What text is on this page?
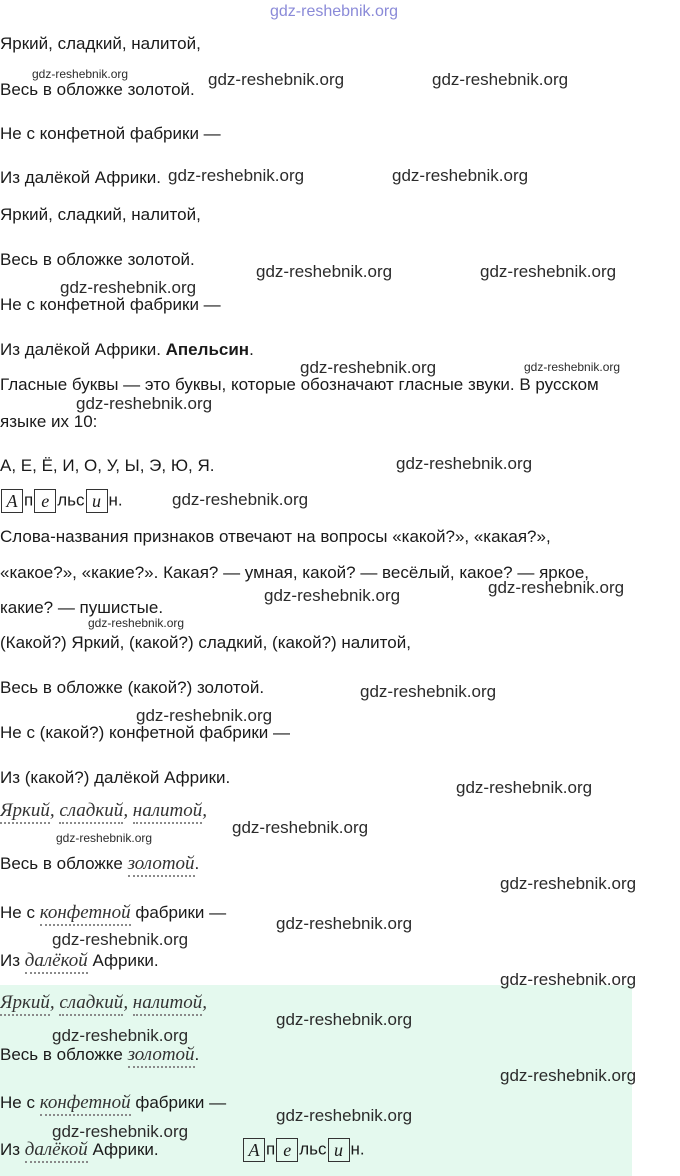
gdz-reshebnik.org
Яркий, сладкий, налитой,
Весь в обложке золотой.
Не с конфетной фабрики —
Из далёкой Африки.
Яркий, сладкий, налитой,
Весь в обложке золотой.
Не с конфетной фабрики —
Из далёкой Африки. Апельсин.
Гласные буквы — это буквы, которые обозначают гласные звуки. В русском
языке их 10:
А, Е, Ё, И, О, У, Ы, Э, Ю, Я.
А п е льс и н.
Слова-названия признаков отвечают на вопросы «какой?», «какая?»,
«какое?», «какие?». Какая? — умная, какой? — весёлый, какое? — яркое,
какие? — пушистые.
(Какой?) Яркий, (какой?) сладкий, (какой?) налитой,
Весь в обложке (какой?) золотой.
Не с (какой?) конфетной фабрики —
Из (какой?) далёкой Африки.
Яркий, сладкий, налитой,
Весь в обложке золотой.
Не с конфетной фабрики —
Из далёкой Африки.
Яркий, сладкий, налитой,
Весь в обложке золотой.
Не с конфетной фабрики —
Из далёкой Африки.	А п е льс и н.
gdz-reshebnik.org	gdz-reshebnik.org	gdz-reshebnik.org
gdz-reshebnik.org	gdz-reshebnik.org
gdz-reshebnik.org	gdz-reshebnik.org
gdz-reshebnik.org
gdz-reshebnik.org	gdz-reshebnik.org
gdz-reshebnik.org
gdz-reshebnik.org
gdz-reshebnik.org
gdz-reshebnik.org
gdz-reshebnik.org
gdz-reshebnik.org
gdz-reshebnik.org
gdz-reshebnik.org
gdz-reshebnik.org
gdz-reshebnik.org
gdz-reshebnik.org
gdz-reshebnik.org
gdz-reshebnik.org
gdz-reshebnik.org
gdz-reshebnik.org
gdz-reshebnik.org
gdz-reshebnik.org
gdz-reshebnik.org
gdz-reshebnik.org
gdz-reshebnik.org
